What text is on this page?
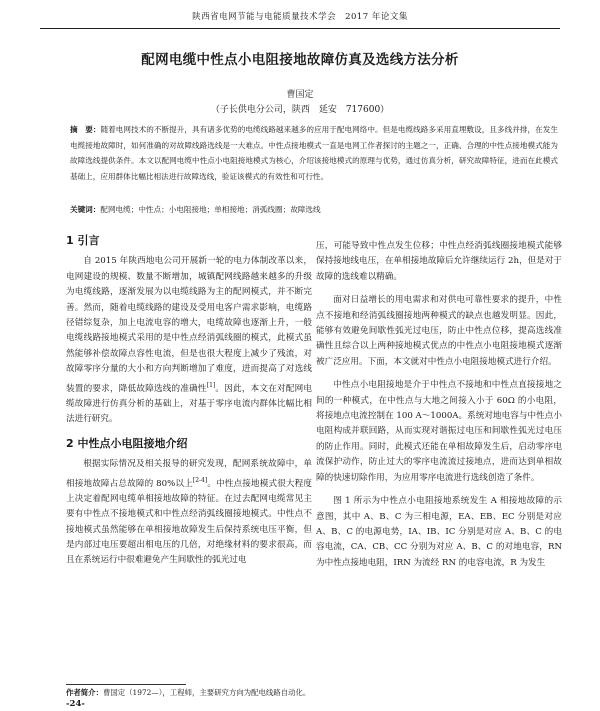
陕西省电网节能与电能质量技术学会　2017 年论文集
配网电缆中性点小电阻接地故障仿真及选线方法分析
曹国定
（子长供电分公司，陕西　延安　717600）
摘　要：随着电网技术的不断提升，具有诸多优势的电缆线路越来越多的应用于配电网络中。但是电缆线路多采用直埋敷设，且多线并排，在发生电缆接地故障时，如何准确的对故障线路选线是一大难点。中性点接地模式一直是电网工作者探讨的主题之一，正确、合理的中性点接地模式能为故障选线提供条件。本文以配网电缆中性点小电阻接地模式为核心，介绍该接地模式的原理与优势，通过仿真分析，研究故障特征，进而在此模式基础上，应用群体比幅比相法进行故障选线，验证该模式的有效性和可行性。
关键词：配网电缆；中性点；小电阻接地；单相接地；消弧线圈；故障选线
1 引言

自 2015 年陕西地电公司开展新一轮的电力体制改革以来，电网建设的规模、数量不断增加，城镇配网线路越来越多的升级为电缆线路，逐渐发展为以电缆线路为主的配网模式，并不断完善。然而，随着电缆线路的建设及受用电客户需求影响，电缆路径错综复杂，加上电流电容的增大，电缆故障也逐渐上升，一般电缆线路接地模式采用的是中性点经消弧线圈的模式，此模式虽然能够补偿故障点容性电流，但是也很大程度上减少了残流，对故障零序分量的大小和方向判断增加了难度，进而提高了对选线装置的要求，降低故障选线的准确性[1]。因此，本文在对配网电缆故障进行仿真分析的基础上，对基于零序电流内群体比幅比相法进行研究。

2 中性点小电阻接地介绍

根据实际情况及相关报导的研究发现，配网系统故障中，单相接地故障占总故障的 80%以上[2-4]。中性点接地模式很大程度上决定着配网电缆单相接地故障的特征。在过去配网电缆常见主要有中性点不接地模式和中性点经消弧线圈接地模式。中性点不接地模式虽然能够在单相接地故障发生后保持系统电压平衡，但是内部过电压要超出相电压的几倍，对绝缘材料的要求很高，而且在系统运行中很难避免产生间歇性的弧光过电

压，可能导致中性点发生位移；中性点经消弧线圈接地模式能够保持接地线电压，在单相接地故障后允许继续运行 2h，但是对于故障的选线难以精确。

面对日益增长的用电需求和对供电可靠性要求的提升，中性点不接地和经消弧线圈接地两种模式的缺点也越发明显。因此，能够有效避免间歇性弧光过电压，防止中性点位移，提高选线准确性且综合以上两种接地模式优点的中性点小电阻接地模式逐渐被广泛应用。下面，本文就对中性点小电阻接地模式进行介绍。

中性点小电阻接地是介于中性点不接地和中性点直接接地之间的一种模式，在中性点与大地之间接入小于 60Ω 的小电阻，将接地点电流控制在 100 A～1000A。系统对地电容与中性点小电阻构成并联回路，从而实现对谐振过电压和间歇性弧光过电压的防止作用。同时，此模式还能在单相故障发生后，启动零序电流保护动作，防止过大的零序电流流过接地点，进而达到单相故障的快速切除作用，为应用零序电流进行选线创造了条件。

图 1 所示为中性点小电阻接地系统发生 A 相接地故障的示意图，其中 A、B、C 为三相电源，EA、EB、EC 分别是对应 A、B、C 的电源电势，IA、IB、IC 分别是对应 A、B、C 的电容电流，CA、CB、CC 分别为对应 A、B、C 的对地电容，RN 为中性点接地电阻，IRN 为流经 RN 的电容电流，R 为发生

作者简介：曹国定（1972—），工程师，主要研究方向为配电线路自动化。
-24-
